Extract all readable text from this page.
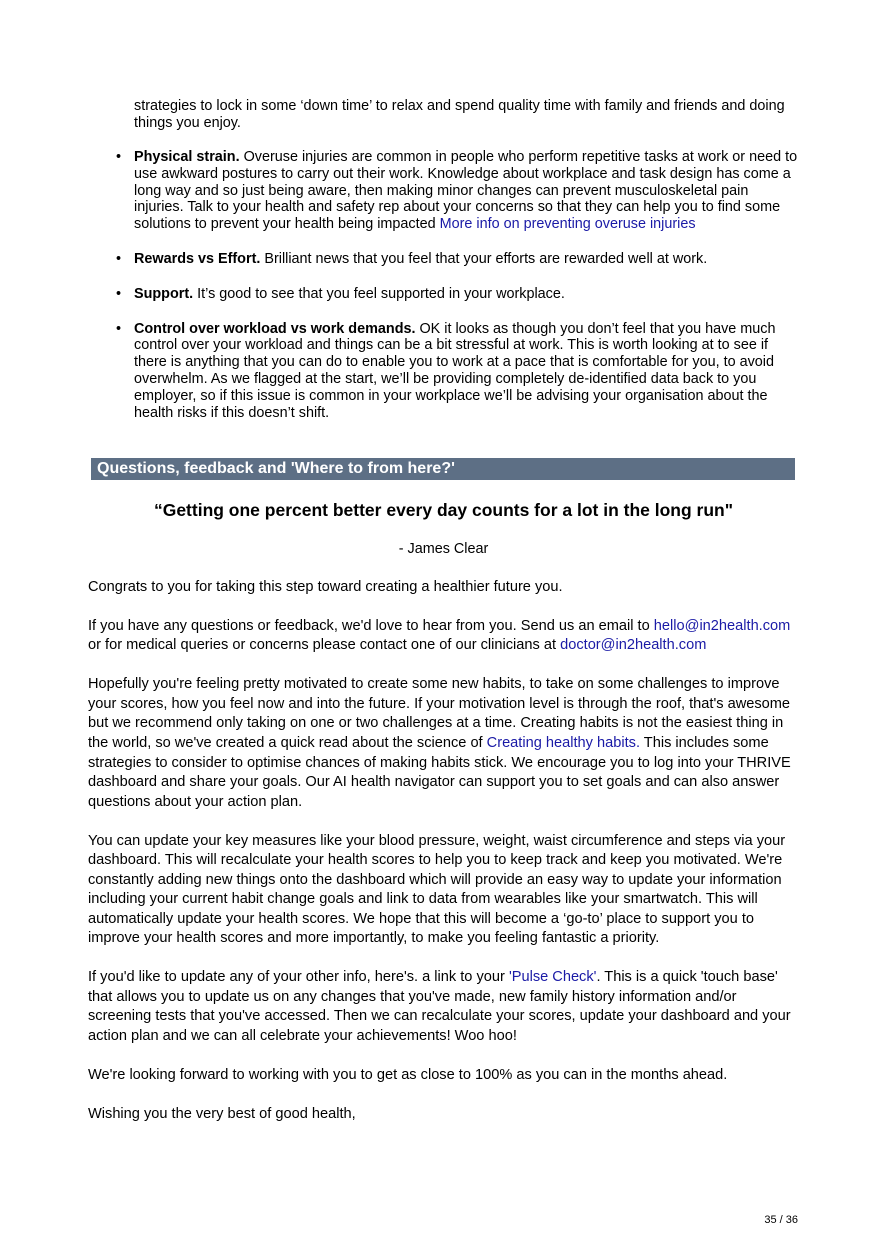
strategies to lock in some ‘down time’ to relax and spend quality time with family and friends and doing things you enjoy.
• Physical strain. Overuse injuries are common in people who perform repetitive tasks at work or need to use awkward postures to carry out their work. Knowledge about workplace and task design has come a long way and so just being aware, then making minor changes can prevent musculoskeletal pain injuries. Talk to your health and safety rep about your concerns so that they can help you to find some solutions to prevent your health being impacted More info on preventing overuse injuries
• Rewards vs Effort. Brilliant news that you feel that your efforts are rewarded well at work.
• Support. It’s good to see that you feel supported in your workplace.
• Control over workload vs work demands. OK it looks as though you don’t feel that you have much control over your workload and things can be a bit stressful at work. This is worth looking at to see if there is anything that you can do to enable you to work at a pace that is comfortable for you, to avoid overwhelm. As we flagged at the start, we’ll be providing completely de-identified data back to you employer, so if this issue is common in your workplace we’ll be advising your organisation about the health risks if this doesn’t shift.
Questions, feedback and 'Where to from here?'
“Getting one percent better every day counts for a lot in the long run"
- James Clear

Congrats to you for taking this step toward creating a healthier future you.

If you have any questions or feedback, we'd love to hear from you. Send us an email to hello@in2health.com or for medical queries or concerns please contact one of our clinicians at doctor@in2health.com

Hopefully you're feeling pretty motivated to create some new habits, to take on some challenges to improve your scores, how you feel now and into the future. If your motivation level is through the roof, that's awesome but we recommend only taking on one or two challenges at a time. Creating habits is not the easiest thing in the world, so we've created a quick read about the science of Creating healthy habits. This includes some strategies to consider to optimise chances of making habits stick. We encourage you to log into your THRIVE dashboard and share your goals. Our AI health navigator can support you to set goals and can also answer questions about your action plan.

You can update your key measures like your blood pressure, weight, waist circumference and steps via your dashboard. This will recalculate your health scores to help you to keep track and keep you motivated. We're constantly adding new things onto the dashboard which will provide an easy way to update your information including your current habit change goals and link to data from wearables like your smartwatch. This will automatically update your health scores. We hope that this will become a ‘go-to’ place to support you to improve your health scores and more importantly, to make you feeling fantastic a priority.

If you'd like to update any of your other info, here's. a link to your 'Pulse Check'. This is a quick 'touch base' that allows you to update us on any changes that you've made, new family history information and/or screening tests that you've accessed. Then we can recalculate your scores, update your dashboard and your action plan and we can all celebrate your achievements! Woo hoo!

We're looking forward to working with you to get as close to 100% as you can in the months ahead.

Wishing you the very best of good health,

35 / 36
